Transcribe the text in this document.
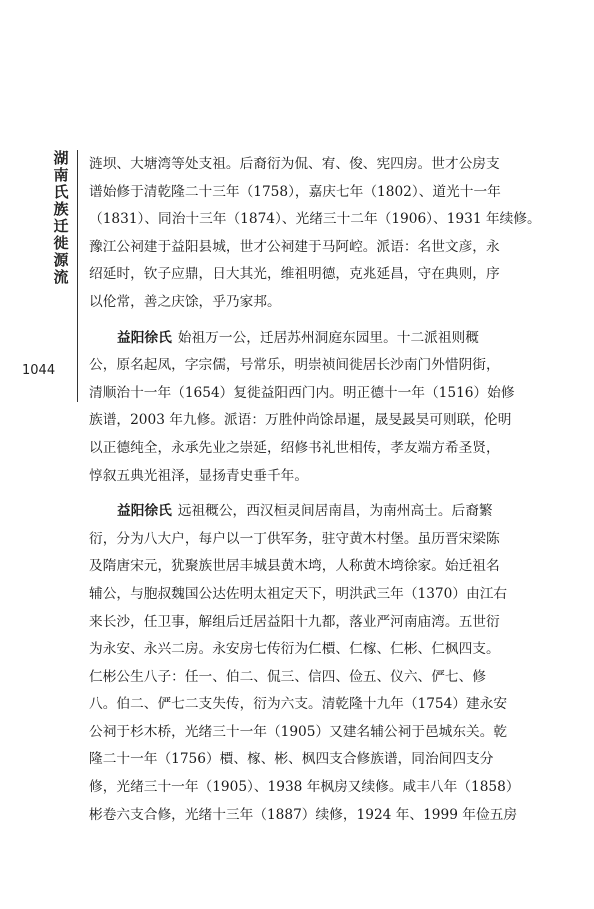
湖南氏族迁徙源流
1044
涟坝、大塘湾等处支祖。后裔衍为侃、宥、俊、宪四房。世才公房支
谱始修于清乾隆二十三年（1758），嘉庆七年（1802）、道光十一年
（1831）、同治十三年（1874）、光绪三十二年（1906）、1931 年续修。
豫江公祠建于益阳县城，世才公祠建于马阿崆。派语：名世文彦，永
绍延时，钦子应鼎，日大其光，维祖明德，克兆延昌，守在典则，序
以伦常，善之庆馀，乎乃家邦。
益阳徐氏 始祖万一公，迁居苏州洞庭东园里。十二派祖则穊
公，原名起凤，字宗儒，号常乐，明崇祯间徙居长沙南门外惜阴街，
清顺治十一年（1654）复徙益阳西门内。明正德十一年（1516）始修
族谱，2003 年九修。派语：万胜仲尚馀昂暹，晟旻晸昊可则联，伦明
以正德纯全，永承先业之崇延，绍修书礼世相传，孝友端方希圣贤，
惇叙五典光祖泽，显扬青史垂千年。
益阳徐氏 远祖穊公，西汉桓灵间居南昌，为南州高士。后裔繁
衍，分为八大户，每户以一丁供军务，驻守黄木村堡。虽历晋宋梁陈
及隋唐宋元，犹聚族世居丰城县黄木塆，人称黄木塆徐家。始迁祖名
辅公，与胞叔魏国公达佐明太祖定天下，明洪武三年（1370）由江右
来长沙，任卫事，解组后迁居益阳十九都，落业严河南庙湾。五世衍
为永安、永兴二房。永安房七传衍为仁檟、仁榢、仁彬、仁枫四支。
仁彬公生八子：任一、伯二、侃三、信四、俭五、仪六、俨七、修
八。伯二、俨七二支失传，衍为六支。清乾隆十九年（1754）建永安
公祠于杉木桥，光绪三十一年（1905）又建名辅公祠于邑城东关。乾
隆二十一年（1756）檟、榢、彬、枫四支合修族谱，同治间四支分
修，光绪三十一年（1905）、1938 年枫房又续修。咸丰八年（1858）
彬卷六支合修，光绪十三年（1887）续修，1924 年、1999 年俭五房
